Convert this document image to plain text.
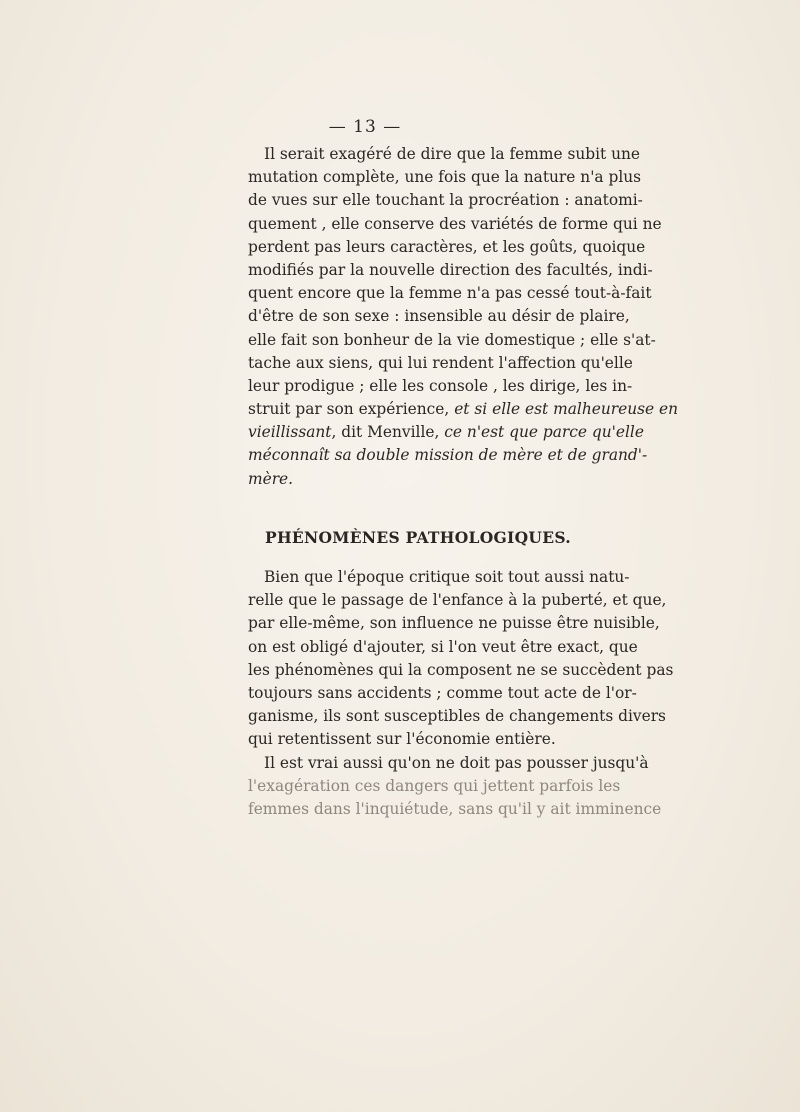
— 13 —
Il serait exagéré de dire que la femme subit une
mutation complète, une fois que la nature n'a plus
de vues sur elle touchant la procréation : anatomi-
quement , elle conserve des variétés de forme qui ne
perdent pas leurs caractères, et les goûts, quoique
modifiés par la nouvelle direction des facultés, indi-
quent encore que la femme n'a pas cessé tout-à-fait
d'être de son sexe : insensible au désir de plaire,
elle fait son bonheur de la vie domestique ; elle s'at-
tache aux siens, qui lui rendent l'affection qu'elle
leur prodigue ; elle les console , les dirige, les in-
struit par son expérience, et si elle est malheureuse en
vieillissant, dit Menville, ce n'est que parce qu'elle
méconnaît sa double mission de mère et de grand'-
mère.
PHÉNOMÈNES PATHOLOGIQUES.
Bien que l'époque critique soit tout aussi natu-
relle que le passage de l'enfance à la puberté, et que,
par elle-même, son influence ne puisse être nuisible,
on est obligé d'ajouter, si l'on veut être exact, que
les phénomènes qui la composent ne se succèdent pas
toujours sans accidents ; comme tout acte de l'or-
ganisme, ils sont susceptibles de changements divers
qui retentissent sur l'économie entière.
Il est vrai aussi qu'on ne doit pas pousser jusqu'à
l'exagération ces dangers qui jettent parfois les
femmes dans l'inquiétude, sans qu'il y ait imminence
